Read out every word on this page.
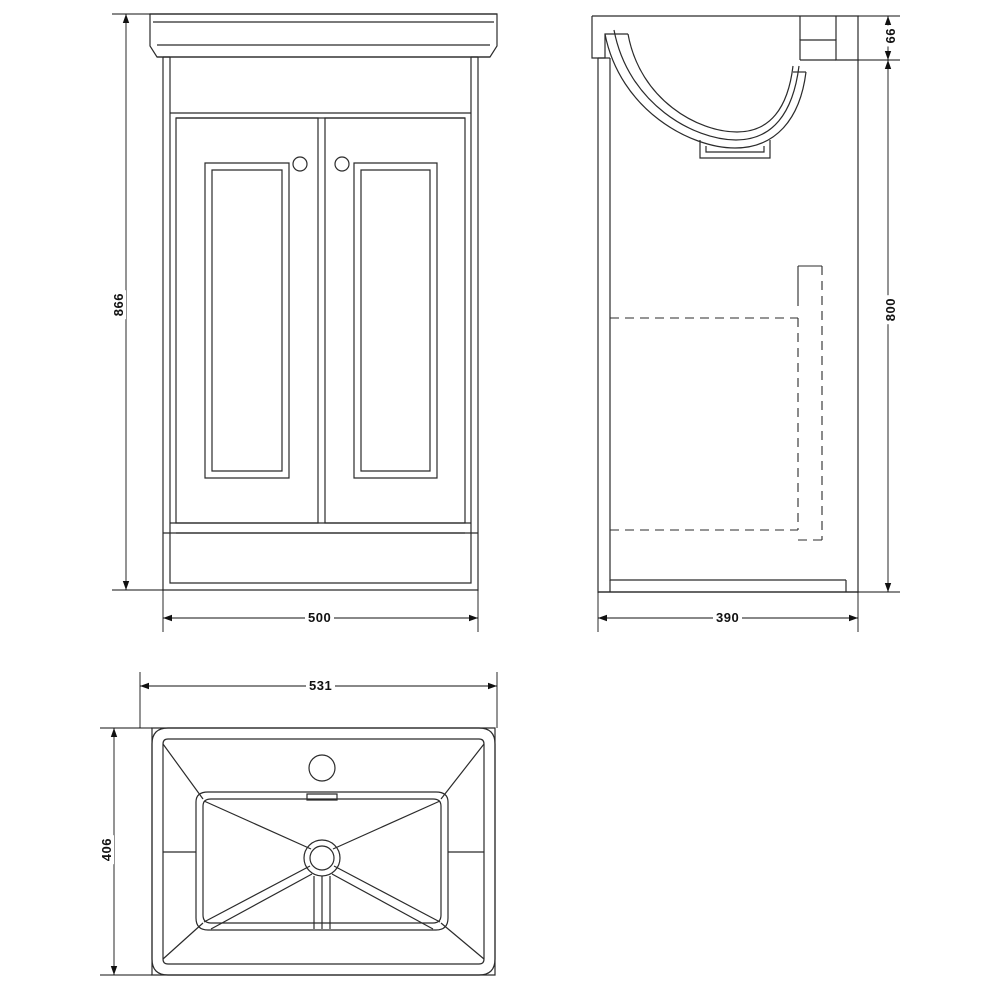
866
500
66
800
390
531
406
